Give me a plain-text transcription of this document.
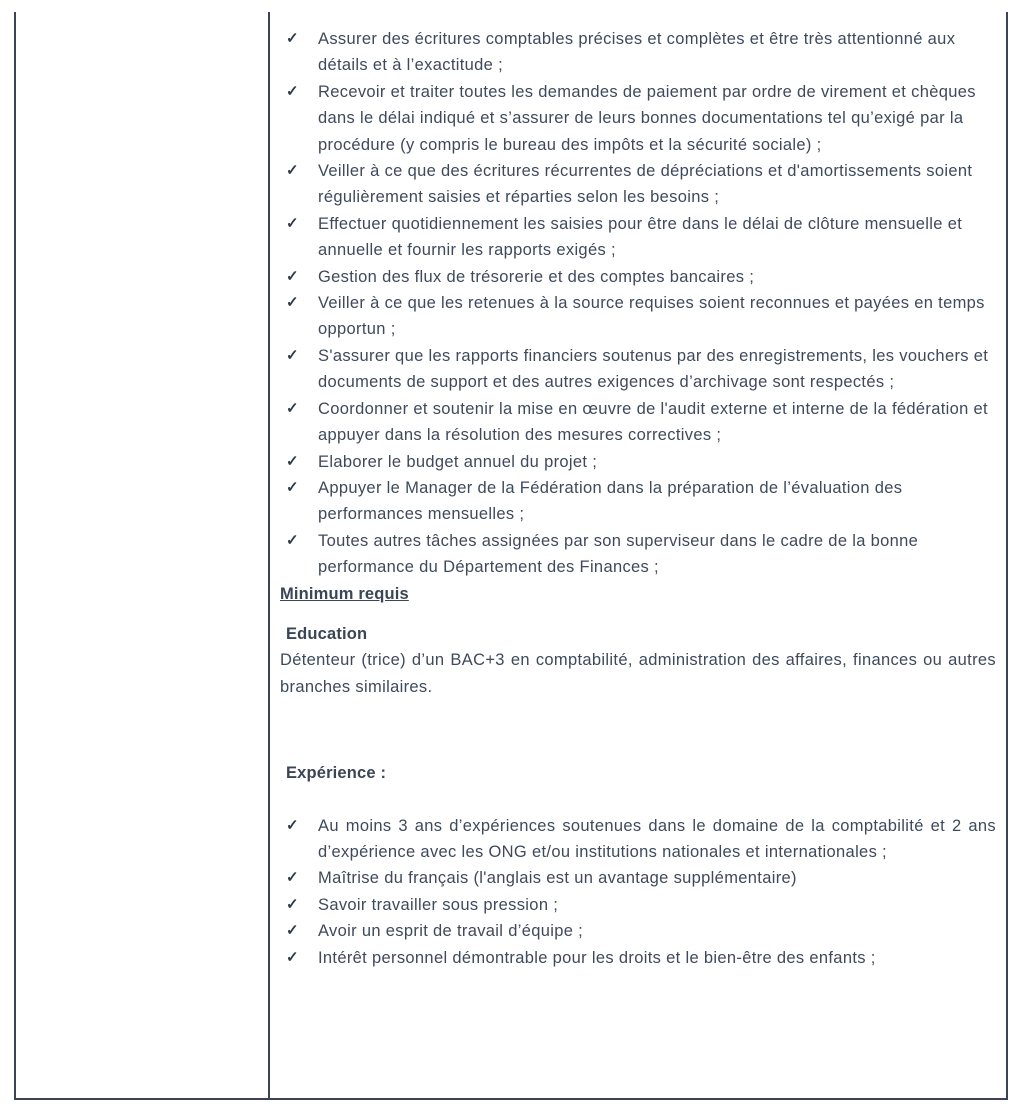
✓ Assurer des écritures comptables précises et complètes et être très attentionné aux détails et à l’exactitude ;
✓ Recevoir et traiter toutes les demandes de paiement par ordre de virement et chèques dans le délai indiqué et s’assurer de leurs bonnes documentations tel qu’exigé par la procédure (y compris le bureau des impôts et la sécurité sociale) ;
✓ Veiller à ce que des écritures récurrentes de dépréciations et d'amortissements soient régulièrement saisies et réparties selon les besoins ;
✓ Effectuer quotidiennement les saisies pour être dans le délai de clôture mensuelle et annuelle et fournir les rapports exigés ;
✓ Gestion des flux de trésorerie et des comptes bancaires ;
✓ Veiller à ce que les retenues à la source requises soient reconnues et payées en temps opportun ;
✓ S'assurer que les rapports financiers soutenus par des enregistrements, les vouchers et documents de support et des autres exigences d’archivage sont respectés ;
✓ Coordonner et soutenir la mise en œuvre de l'audit externe et interne de la fédération et appuyer dans la résolution des mesures correctives ;
✓ Elaborer le budget annuel du projet ;
✓ Appuyer le Manager de la Fédération dans la préparation de l’évaluation des performances mensuelles ;
✓ Toutes autres tâches assignées par son superviseur dans le cadre de la bonne performance du Département des Finances ;
Minimum requis
Education
Détenteur (trice) d’un BAC+3 en comptabilité, administration des affaires, finances ou autres branches similaires.
Expérience :
✓ Au moins 3 ans d’expériences soutenues dans le domaine de la comptabilité et 2 ans d’expérience avec les ONG et/ou institutions nationales et internationales ;
✓ Maîtrise du français (l'anglais est un avantage supplémentaire)
✓ Savoir travailler sous pression ;
✓ Avoir un esprit de travail d’équipe ;
✓ Intérêt personnel démontrable pour les droits et le bien-être des enfants ;
